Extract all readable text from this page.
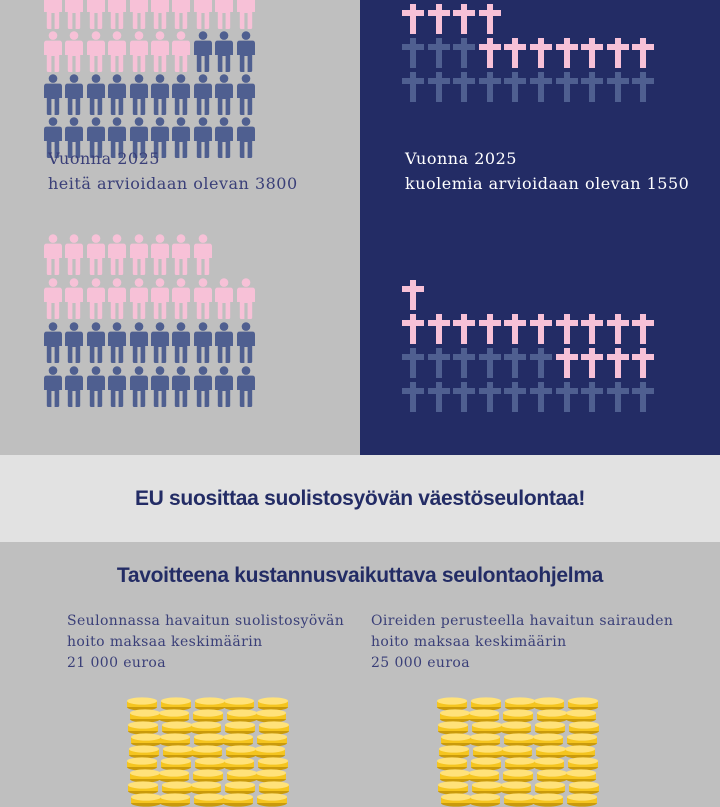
Vuonna 2025
heitä arvioidaan olevan 3800
Vuonna 2025
kuolemia arvioidaan olevan 1550
EU suosittaa suolistosyövän väestöseulontaa!
Tavoitteena kustannusvaikuttava seulontaohjelma
Seulonnassa havaitun suolistosyövän
hoito maksaa keskimäärin
21 000 euroa
Oireiden perusteella havaitun sairauden
hoito maksaa keskimäärin
25 000 euroa
